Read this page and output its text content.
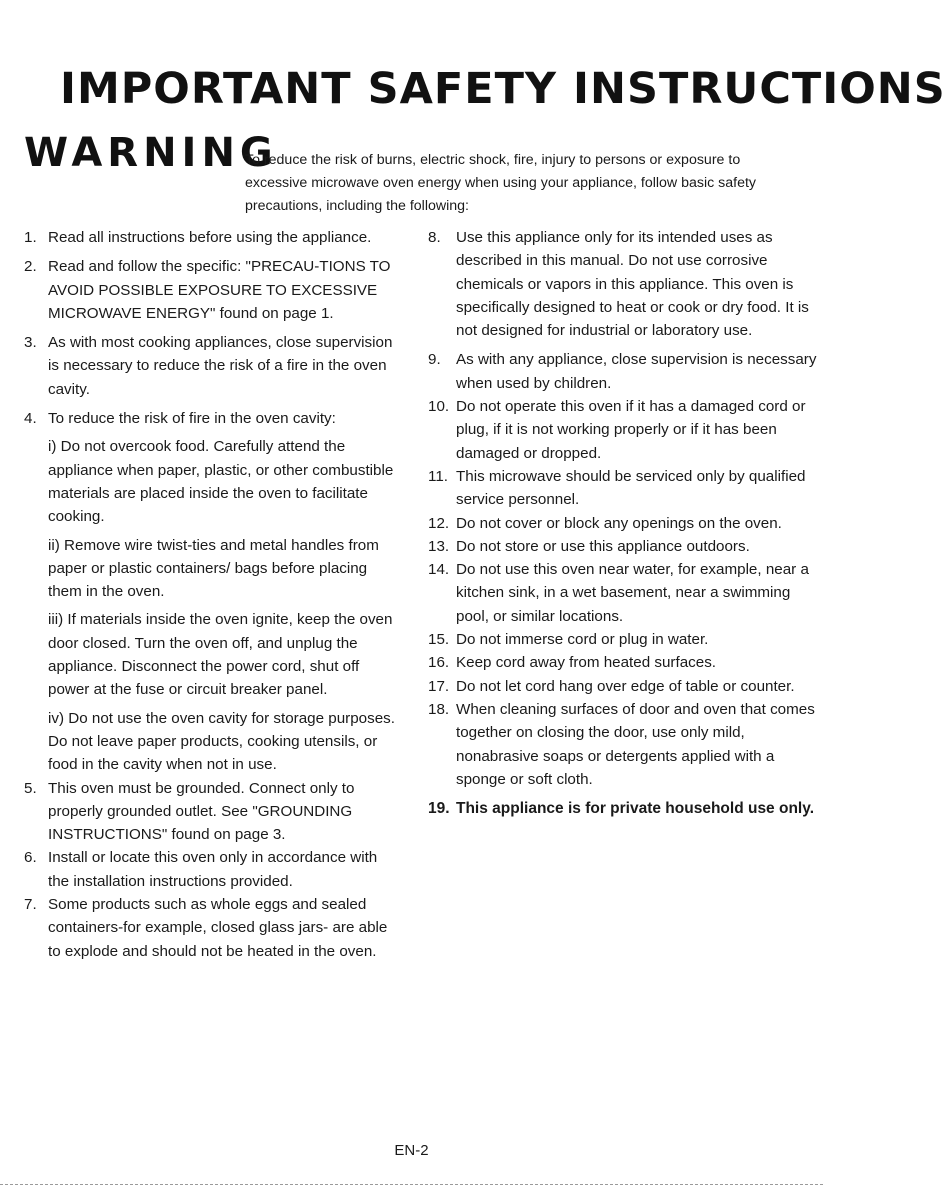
IMPORTANT SAFETY INSTRUCTIONS
WARNING
To reduce the risk of burns, electric shock, fire, injury to persons or exposure to excessive microwave oven energy when using your appliance, follow basic safety precautions, including the following:
1. Read all instructions before using the appliance.
2. Read and follow the specific: "PRECAU-TIONS TO AVOID POSSIBLE EXPOSURE TO EXCESSIVE MICROWAVE ENERGY" found on page 1.
3. As with most cooking appliances, close supervision is necessary to reduce the risk of a fire in the oven cavity.
4. To reduce the risk of fire in the oven cavity:
i) Do not overcook food. Carefully attend the appliance when paper, plastic, or other combustible materials are placed inside the oven to facilitate cooking.
ii) Remove wire twist-ties and metal handles from paper or plastic containers/ bags before placing them in the oven.
iii) If materials inside the oven ignite, keep the oven door closed. Turn the oven off, and unplug the appliance. Disconnect the power cord, shut off power at the fuse or circuit breaker panel.
iv) Do not use the oven cavity for storage purposes. Do not leave paper products, cooking utensils, or food in the cavity when not in use.
5. This oven must be grounded. Connect only to properly grounded outlet. See "GROUNDING INSTRUCTIONS" found on page 3.
6. Install or locate this oven only in accordance with the installation instructions provided.
7. Some products such as whole eggs and sealed containers-for example, closed glass jars- are able to explode and should not be heated in the oven.
8.	Use this appliance only for its intended uses as described in this manual. Do not use corrosive chemicals or vapors in this appliance. This oven is specifically designed to heat or cook or dry food. It is not designed for industrial or laboratory use.
9.	As with any appliance, close supervision is necessary when used by children.
10. Do not operate this oven if it has a damaged cord or plug, if it is not working properly or if it has been damaged or dropped.
11. This microwave should be serviced only by qualified service personnel.
12. Do not cover or block any openings on the oven.
13. Do not store or use this appliance outdoors.
14. Do not use this oven near water, for example, near a kitchen sink, in a wet basement, near a swimming pool, or similar locations.
15. Do not immerse cord or plug in water.
16. Keep cord away from heated surfaces.
17. Do not let cord hang over edge of table or counter.
18. When cleaning surfaces of door and oven that comes together on closing the door, use only mild, nonabrasive soaps or detergents applied with a sponge or soft cloth.
19. This appliance is for private household use only.
EN-2
